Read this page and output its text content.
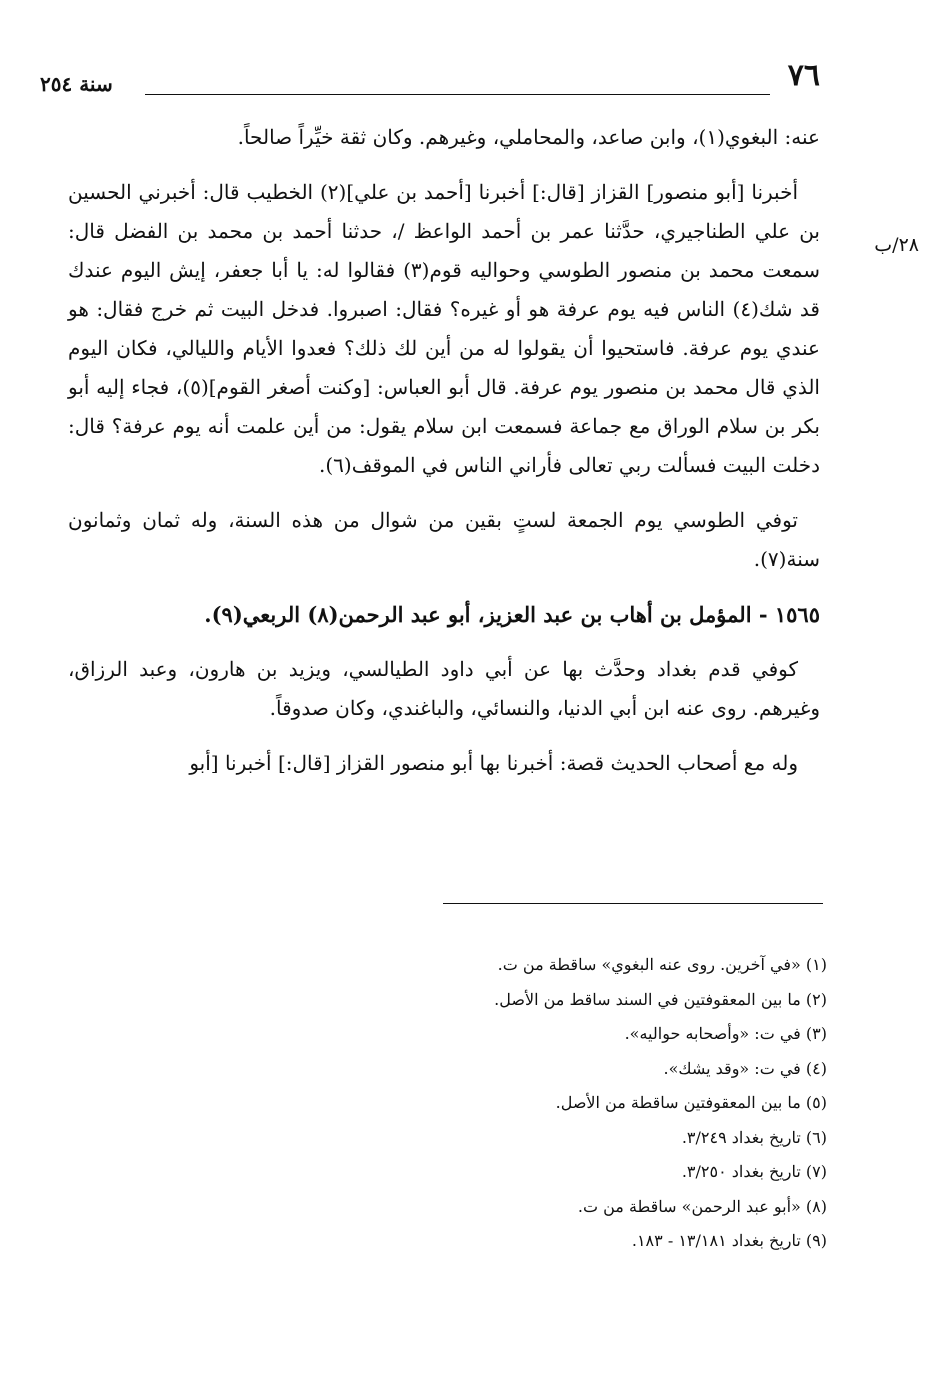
٧٦
سنة ٢٥٤
٢٨/ب

عنه: البغوي(١)، وابن صاعد، والمحاملي، وغيرهم. وكان ثقة خيِّراً صالحاً.

أخبرنا [أبو منصور] القزاز [قال:] أخبرنا [أحمد بن علي](٢) الخطيب قال: أخبرني الحسين بن علي الطناجيري، حدَّثنا عمر بن أحمد الواعظ /، حدثنا أحمد بن محمد بن الفضل قال: سمعت محمد بن منصور الطوسي وحواليه قوم(٣) فقالوا له: يا أبا جعفر، إيش اليوم عندك قد شك(٤) الناس فيه يوم عرفة هو أو غيره؟ فقال: اصبروا. فدخل البيت ثم خرج فقال: هو عندي يوم عرفة. فاستحيوا أن يقولوا له من أين لك ذلك؟ فعدوا الأيام والليالي، فكان اليوم الذي قال محمد بن منصور يوم عرفة. قال أبو العباس: [وكنت أصغر القوم](٥)، فجاء إليه أبو بكر بن سلام الوراق مع جماعة فسمعت ابن سلام يقول: من أين علمت أنه يوم عرفة؟ قال: دخلت البيت فسألت ربي تعالى فأراني الناس في الموقف(٦).

توفي الطوسي يوم الجمعة لستٍ بقين من شوال من هذه السنة، وله ثمان وثمانون سنة(٧).

١٥٦٥ - المؤمل بن أهاب بن عبد العزيز، أبو عبد الرحمن(٨) الربعي(٩).

كوفي قدم بغداد وحدَّث بها عن أبي داود الطيالسي، ويزيد بن هارون، وعبد الرزاق، وغيرهم. روى عنه ابن أبي الدنيا، والنسائي، والباغندي، وكان صدوقاً.

وله مع أصحاب الحديث قصة: أخبرنا بها أبو منصور القزاز [قال:] أخبرنا [أبو

(١) «في آخرين. روى عنه البغوي» ساقطة من ت.
(٢) ما بين المعقوفتين في السند ساقط من الأصل.
(٣) في ت: «وأصحابه حواليه».
(٤) في ت: «وقد يشك».
(٥) ما بين المعقوفتين ساقطة من الأصل.
(٦) تاريخ بغداد ٣/٢٤٩.
(٧) تاريخ بغداد ٣/٢٥٠.
(٨) «أبو عبد الرحمن» ساقطة من ت.
(٩) تاريخ بغداد ١٣/١٨١ - ١٨٣.
